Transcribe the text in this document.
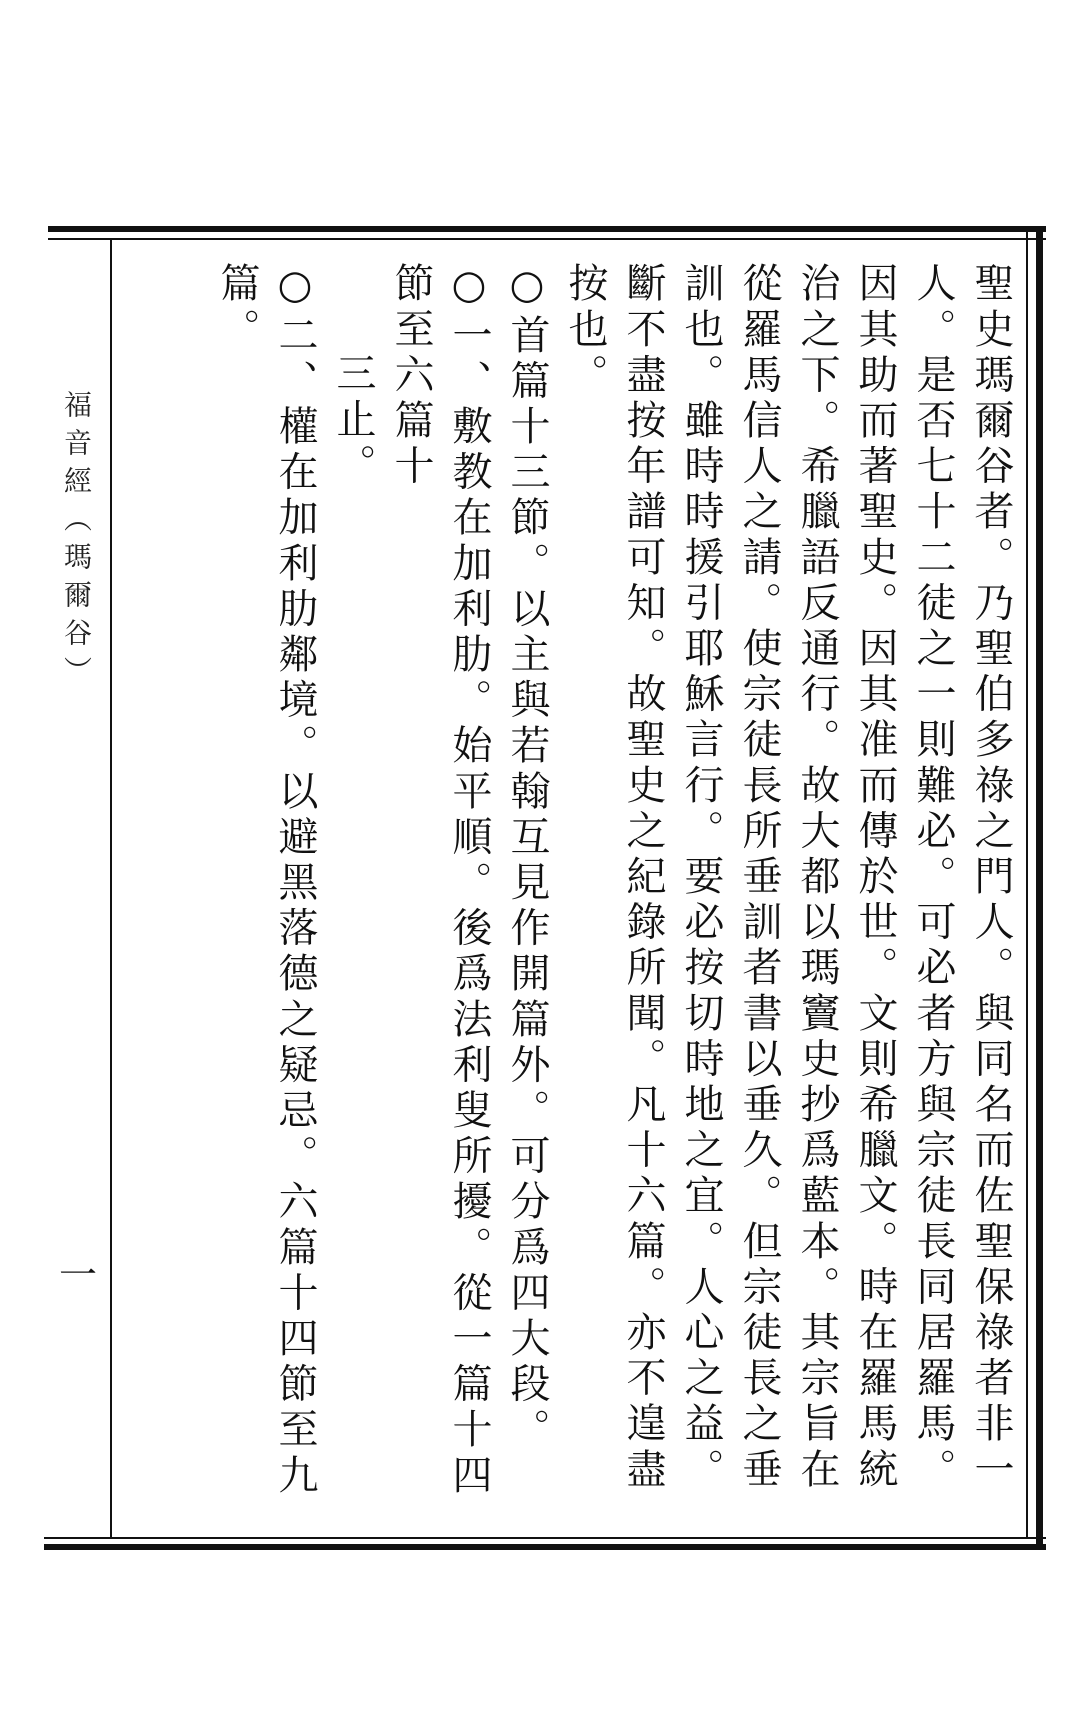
福音經（瑪爾谷）
一	聖史瑪爾谷者。乃聖伯多祿之門人。與同名而佐聖保祿者非一人。是否七十二徒之一則難必。可必者方與宗徒長同居羅馬。因其助而著聖史。因其准而傳於世。文則希臘文。時在羅馬統治之下。希臘語反通行。故大都以瑪竇史抄爲藍本。其宗旨在從羅馬信人之請。使宗徒長所垂訓者書以垂久。但宗徒長之垂訓也。雖時時援引耶穌言行。要必按切時地之宜。人心之益。斷不盡按年譜可知。故聖史之紀錄所聞。凡十六篇。亦不遑盡按也。

○首篇十三節。以主與若翰互見作開篇外。可分爲四大段。

○一、敷教在加利肋。始平順。後爲法利叟所擾。從一篇十四節至六篇十

三止。

○二、權在加利肋鄰境。以避黑落德之疑忌。六篇十四節至九篇。
